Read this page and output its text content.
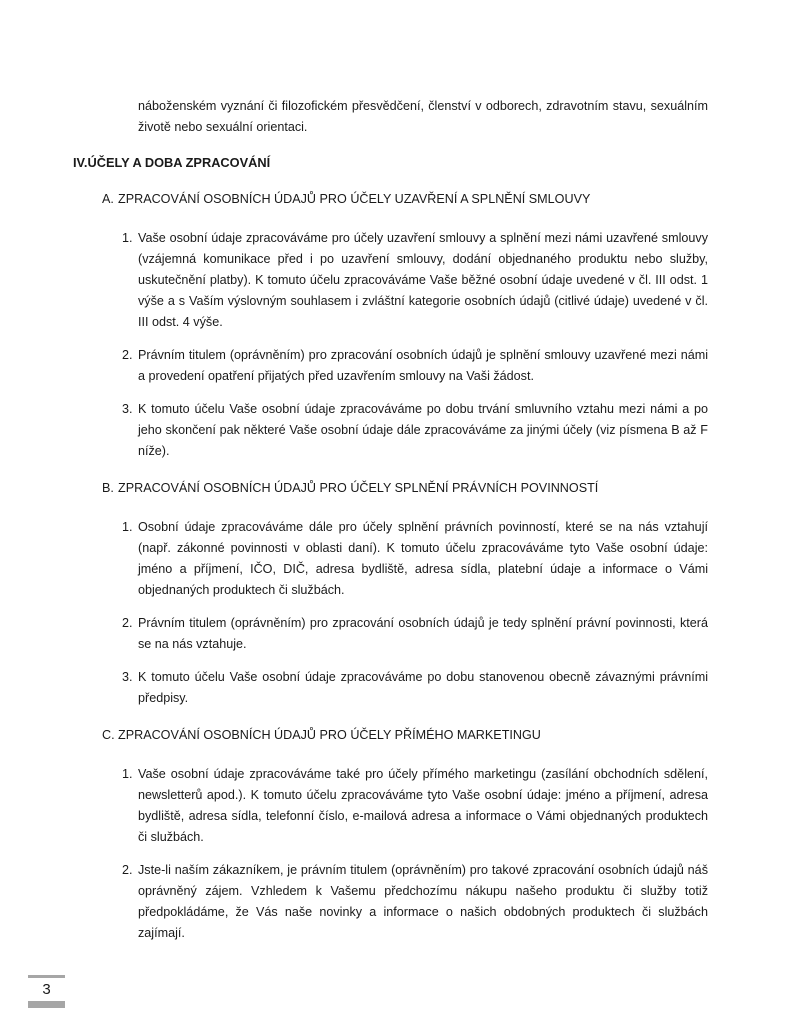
náboženském vyznání či filozofickém přesvědčení, členství v odborech, zdravotním stavu, sexuálním životě nebo sexuální orientaci.

IV.ÚČELY A DOBA ZPRACOVÁNÍ
A. ZPRACOVÁNÍ OSOBNÍCH ÚDAJŮ PRO ÚČELY UZAVŘENÍ A SPLNĚNÍ SMLOUVY
1. Vaše osobní údaje zpracováváme pro účely uzavření smlouvy a splnění mezi námi uzavřené smlouvy (vzájemná komunikace před i po uzavření smlouvy, dodání objednaného produktu nebo služby, uskutečnění platby). K tomuto účelu zpracováváme Vaše běžné osobní údaje uvedené v čl. III odst. 1 výše a s Vaším výslovným souhlasem i zvláštní kategorie osobních údajů (citlivé údaje) uvedené v čl. III odst. 4 výše.

2. Právním titulem (oprávněním) pro zpracování osobních údajů je splnění smlouvy uzavřené mezi námi a provedení opatření přijatých před uzavřením smlouvy na Vaši žádost.

3. K tomuto účelu Vaše osobní údaje zpracováváme po dobu trvání smluvního vztahu mezi námi a po jeho skončení pak některé Vaše osobní údaje dále zpracováváme za jinými účely (viz písmena B až F níže).

B. ZPRACOVÁNÍ OSOBNÍCH ÚDAJŮ PRO ÚČELY SPLNĚNÍ PRÁVNÍCH POVINNOSTÍ
1. Osobní údaje zpracováváme dále pro účely splnění právních povinností, které se na nás vztahují (např. zákonné povinnosti v oblasti daní). K tomuto účelu zpracováváme tyto Vaše osobní údaje: jméno a příjmení, IČO, DIČ, adresa bydliště, adresa sídla, platební údaje a informace o Vámi objednaných produktech či službách.

2. Právním titulem (oprávněním) pro zpracování osobních údajů je tedy splnění právní povinnosti, která se na nás vztahuje.

3. K tomuto účelu Vaše osobní údaje zpracováváme po dobu stanovenou obecně závaznými právními předpisy.

C. ZPRACOVÁNÍ OSOBNÍCH ÚDAJŮ PRO ÚČELY PŘÍMÉHO MARKETINGU
1. Vaše osobní údaje zpracováváme také pro účely přímého marketingu (zasílání obchodních sdělení, newsletterů apod.). K tomuto účelu zpracováváme tyto Vaše osobní údaje: jméno a příjmení, adresa bydliště, adresa sídla, telefonní číslo, e-mailová adresa a informace o Vámi objednaných produktech či službách.

2. Jste-li naším zákazníkem, je právním titulem (oprávněním) pro takové zpracování osobních údajů náš oprávněný zájem. Vzhledem k Vašemu předchozímu nákupu našeho produktu či služby totiž předpokládáme, že Vás naše novinky a informace o našich obdobných produktech či službách zajímají.

3
